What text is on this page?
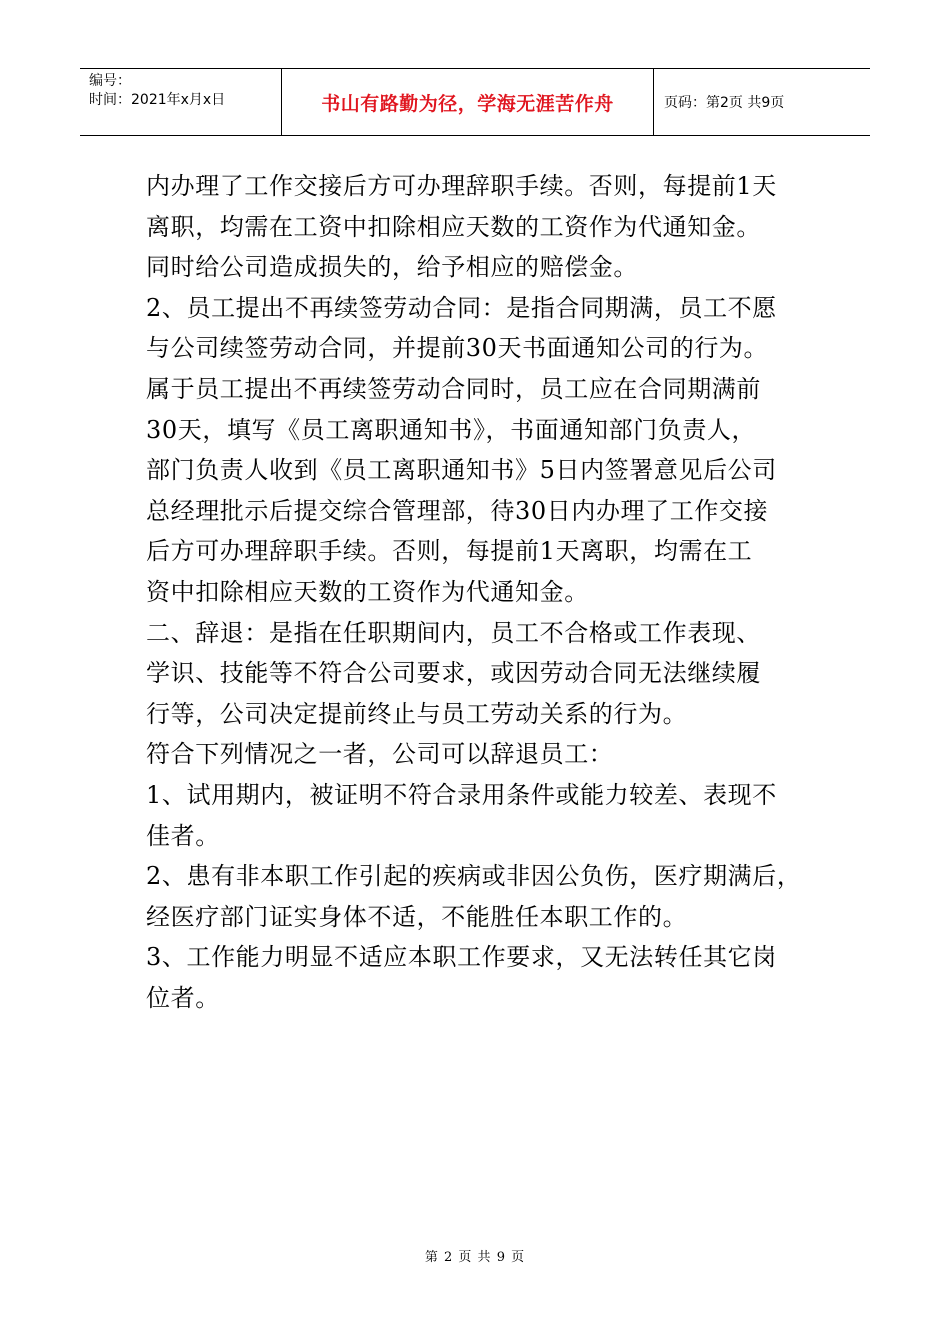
编号：
时间：2021年x月x日	书山有路勤为径，学海无涯苦作舟	页码：第2页 共9页
内办理了工作交接后方可办理辞职手续。否则，每提前1天
离职，均需在工资中扣除相应天数的工资作为代通知金。
同时给公司造成损失的，给予相应的赔偿金。
2、员工提出不再续签劳动合同：是指合同期满，员工不愿
与公司续签劳动合同，并提前30天书面通知公司的行为。
属于员工提出不再续签劳动合同时，员工应在合同期满前
30天，填写《员工离职通知书》，书面通知部门负责人，
部门负责人收到《员工离职通知书》5日内签署意见后公司
总经理批示后提交综合管理部，待30日内办理了工作交接
后方可办理辞职手续。否则，每提前1天离职，均需在工
资中扣除相应天数的工资作为代通知金。
二、辞退：是指在任职期间内，员工不合格或工作表现、
学识、技能等不符合公司要求，或因劳动合同无法继续履
行等，公司决定提前终止与员工劳动关系的行为。
符合下列情况之一者，公司可以辞退员工：
1、试用期内，被证明不符合录用条件或能力较差、表现不
佳者。
2、患有非本职工作引起的疾病或非因公负伤，医疗期满后，
经医疗部门证实身体不适，不能胜任本职工作的。
3、工作能力明显不适应本职工作要求，又无法转任其它岗
位者。
第 2 页 共 9 页
